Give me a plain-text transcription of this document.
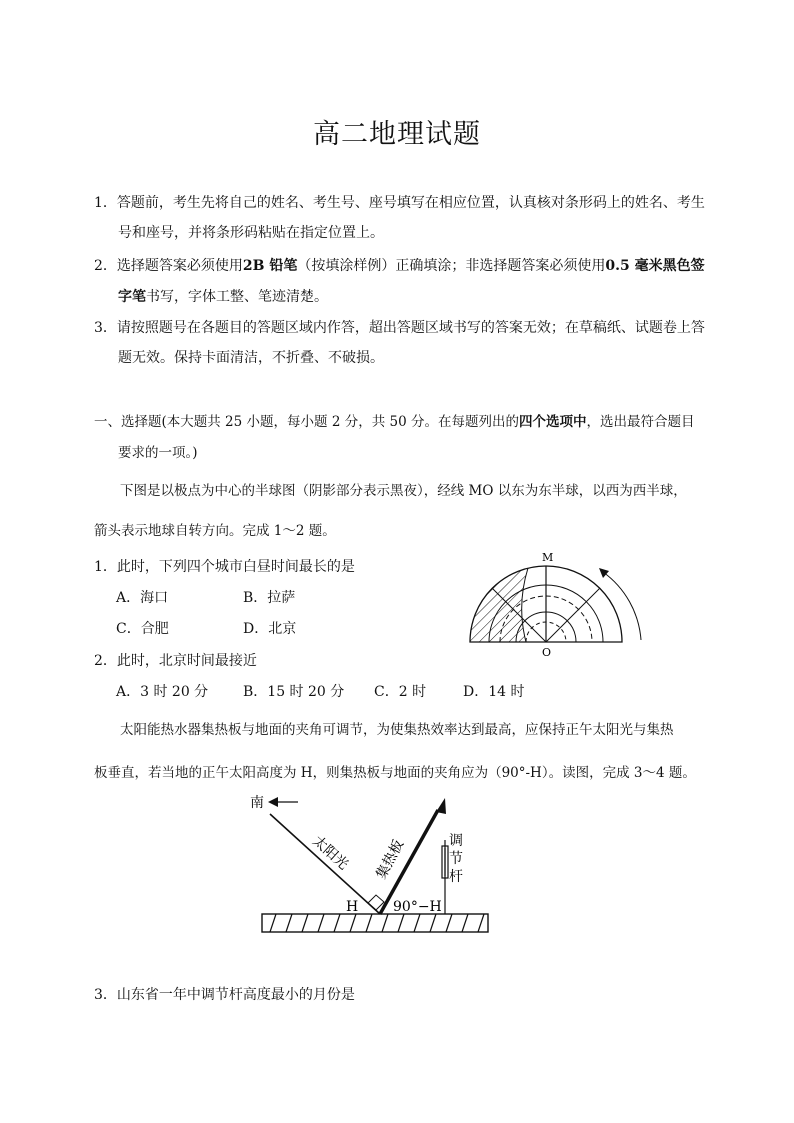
高二地理试题
1．答题前，考生先将自己的姓名、考生号、座号填写在相应位置，认真核对条形码上的姓名、考生
号和座号，并将条形码粘贴在指定位置上。
2．选择题答案必须使用2B 铅笔（按填涂样例）正确填涂；非选择题答案必须使用0.5 毫米黑色签
字笔书写，字体工整、笔迹清楚。
3．请按照题号在各题目的答题区域内作答，超出答题区域书写的答案无效；在草稿纸、试题卷上答
题无效。保持卡面清洁，不折叠、不破损。
一、选择题(本大题共 25 小题，每小题 2 分，共 50 分。在每题列出的四个选项中，选出最符合题目
要求的一项。)
下图是以极点为中心的半球图（阴影部分表示黑夜），经线 MO 以东为东半球，以西为西半球，
箭头表示地球自转方向。完成 1～2 题。
1．此时，下列四个城市白昼时间最长的是
A．海口	B．拉萨
C．合肥	D．北京
2．此时，北京时间最接近
A．3 时 20 分 B．15 时 20 分 C．2 时	D．14 时
M
O
太阳能热水器集热板与地面的夹角可调节，为使集热效率达到最高，应保持正午太阳光与集热
板垂直，若当地的正午太阳高度为 H，则集热板与地面的夹角应为（90°-H）。读图，完成 3～4 题。
南
太阳光 集热板	调
节
杆
H 90°−H
3．山东省一年中调节杆高度最小的月份是
